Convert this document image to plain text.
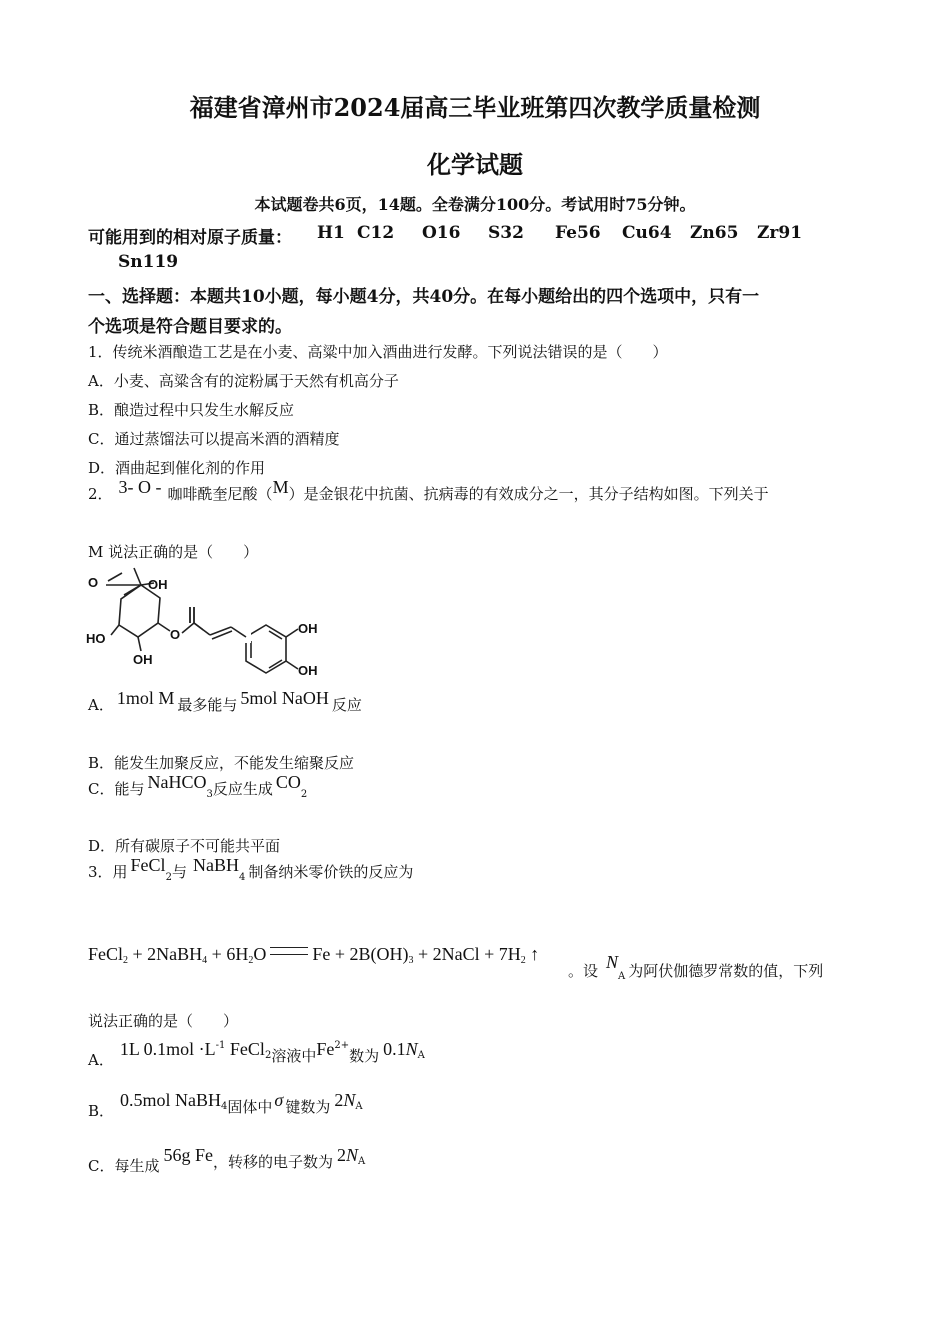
福建省漳州市2024届高三毕业班第四次教学质量检测
化学试题
本试题卷共6页，14题。全卷满分100分。考试用时75分钟。
可能用到的相对原子质量： H1 C12 O16 S32 Fe56 Cu64 Zn65 Zr91
Sn119
一、选择题：本题共10小题，每小题4分，共40分。在每小题给出的四个选项中，只有一
个选项是符合题目要求的。
1．传统米酒酿造工艺是在小麦、高粱中加入酒曲进行发酵。下列说法错误的是（　　）
A．小麦、高粱含有的淀粉属于天然有机高分子
B．酿造过程中只发生水解反应
C．通过蒸馏法可以提高米酒的酒精度
D．酒曲起到催化剂的作用
2． 3- O - 咖啡酰奎尼酸（M）是金银花中抗菌、抗病毒的有效成分之一，其分子结构如图。下列关于
M 说法正确的是（　　）
OH
O
HO
OH
O	OH
OH
A． 1mol M 最多能与 5mol NaOH 反应
B．能发生加聚反应，不能发生缩聚反应
C．能与 NaHCO$_3$反应生成 $CO_2$
D．所有碳原子不可能共平面
3．用 FeCl$_2$与 NaBH$_4$ 制备纳米零价铁的反应为
FeCl$_2$ + 2NaBH$_4$ + $6H_2O$	$Fe + 2B(OH)_3$ + 2NaCl + $7H_2$ ↑
。设 $N_A$ 为阿伏伽德罗常数的值，下列
说法正确的是（　　）
A．1L $0.1mol \cdot L^{-1}$ FeCl$_2$溶液中$Fe^{2+}$数为 $0.1N_A$
B．0.5mol NaBH$_4$固体中 σ 键数为 $2N_A$
C．每生成56g Fe，转移的电子数为 $2N_A$
